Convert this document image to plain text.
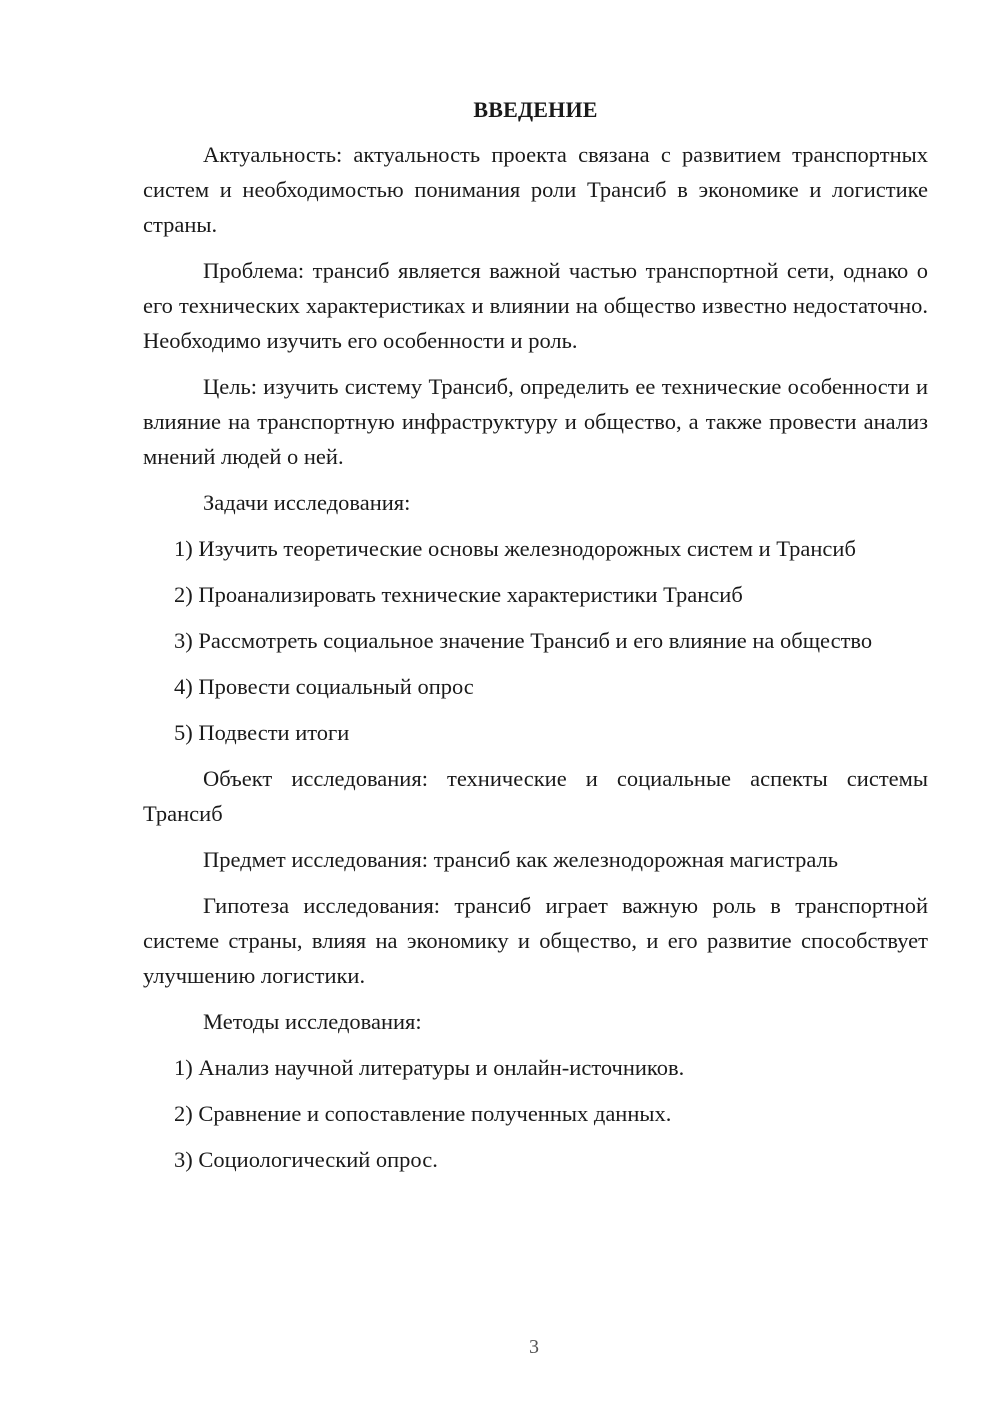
ВВЕДЕНИЕ

Актуальность: актуальность проекта связана с развитием транспортных систем и необходимостью понимания роли Трансиб в экономике и логистике страны.

Проблема: трансиб является важной частью транспортной сети, однако о его технических характеристиках и влиянии на общество известно недостаточно. Необходимо изучить его особенности и роль.

Цель: изучить систему Трансиб, определить ее технические особенности и влияние на транспортную инфраструктуру и общество, а также провести анализ мнений людей о ней.

Задачи исследования:

1) Изучить теоретические основы железнодорожных систем и Трансиб

2) Проанализировать технические характеристики Трансиб

3) Рассмотреть социальное значение Трансиб и его влияние на общество

4) Провести социальный опрос

5) Подвести итоги

Объект исследования: технические и социальные аспекты системы Трансиб

Предмет исследования: трансиб как железнодорожная магистраль

Гипотеза исследования: трансиб играет важную роль в транспортной системе страны, влияя на экономику и общество, и его развитие способствует улучшению логистики.

Методы исследования:

1) Анализ научной литературы и онлайн-источников.

2) Сравнение и сопоставление полученных данных.

3) Социологический опрос.

3
